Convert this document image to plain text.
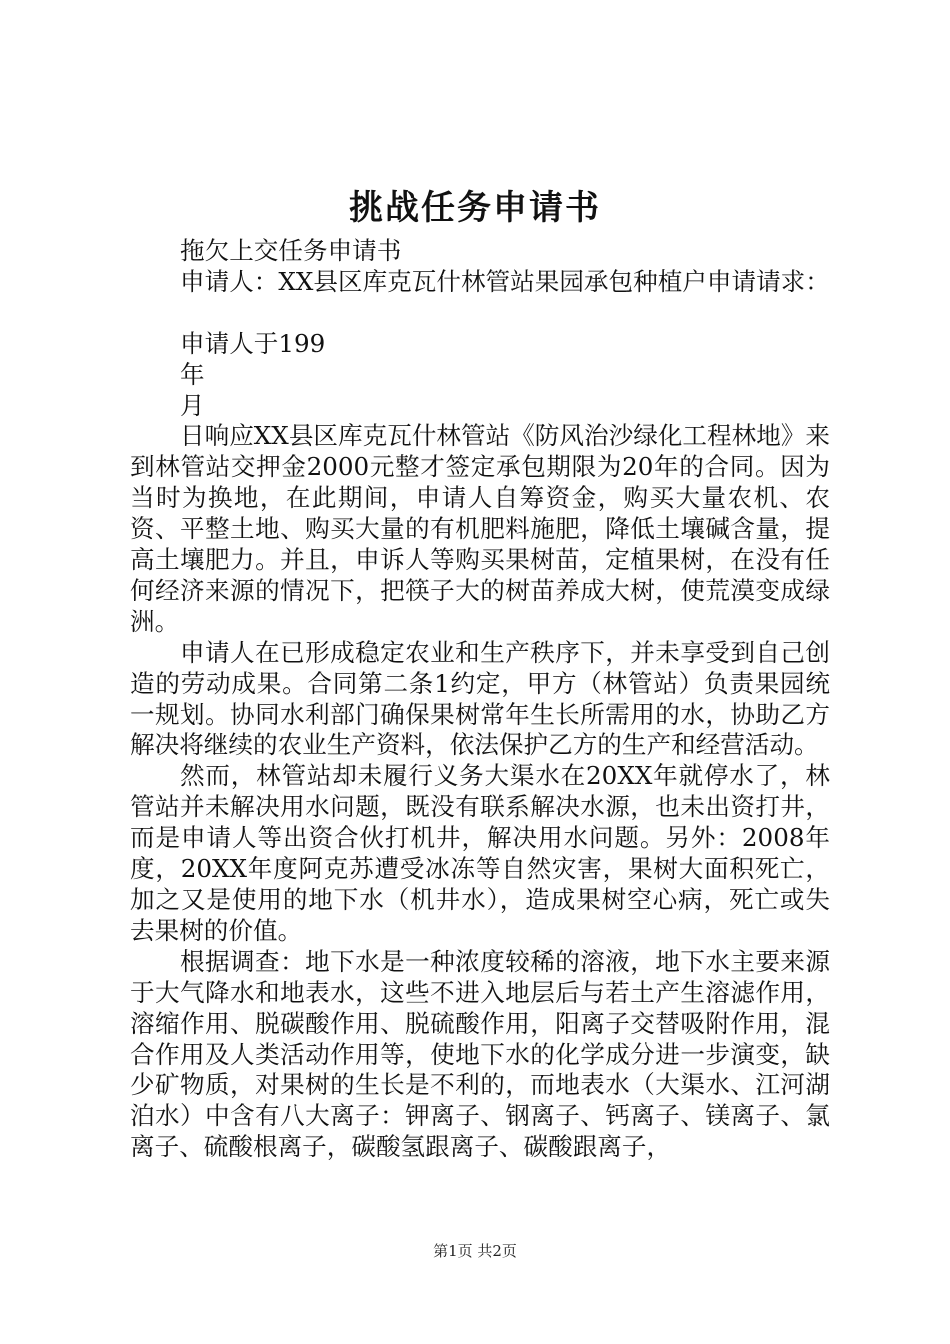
挑战任务申请书
拖欠上交任务申请书
申请人：XX县区库克瓦什林管站果园承包种植户申请请求：
申请人于199
年
月

日响应XX县区库克瓦什林管站《防风治沙绿化工程林地》来到林管站交押金2000元整才签定承包期限为20年的合同。因为当时为换地，在此期间，申请人自筹资金，购买大量农机、农资、平整土地、购买大量的有机肥料施肥，降低土壤碱含量，提高土壤肥力。并且，申诉人等购买果树苗，定植果树，在没有任何经济来源的情况下，把筷子大的树苗养成大树，使荒漠变成绿洲。

申请人在已形成稳定农业和生产秩序下，并未享受到自己创造的劳动成果。合同第二条1约定，甲方（林管站）负责果园统一规划。协同水利部门确保果树常年生长所需用的水，协助乙方解决将继续的农业生产资料，依法保护乙方的生产和经营活动。

然而，林管站却未履行义务大渠水在20XX年就停水了，林管站并未解决用水问题，既没有联系解决水源，也未出资打井，而是申请人等出资合伙打机井，解决用水问题。另外：2008年度，20XX年度阿克苏遭受冰冻等自然灾害，果树大面积死亡，加之又是使用的地下水（机井水），造成果树空心病，死亡或失去果树的价值。

根据调查：地下水是一种浓度较稀的溶液，地下水主要来源于大气降水和地表水，这些不进入地层后与若土产生溶滤作用，溶缩作用、脱碳酸作用、脱硫酸作用，阳离子交替吸附作用，混合作用及人类活动作用等，使地下水的化学成分进一步演变，缺少矿物质，对果树的生长是不利的，而地表水（大渠水、江河湖泊水）中含有八大离子：钾离子、钢离子、钙离子、镁离子、氯离子、硫酸根离子，碳酸氢跟离子、碳酸跟离子，

第1页 共2页
